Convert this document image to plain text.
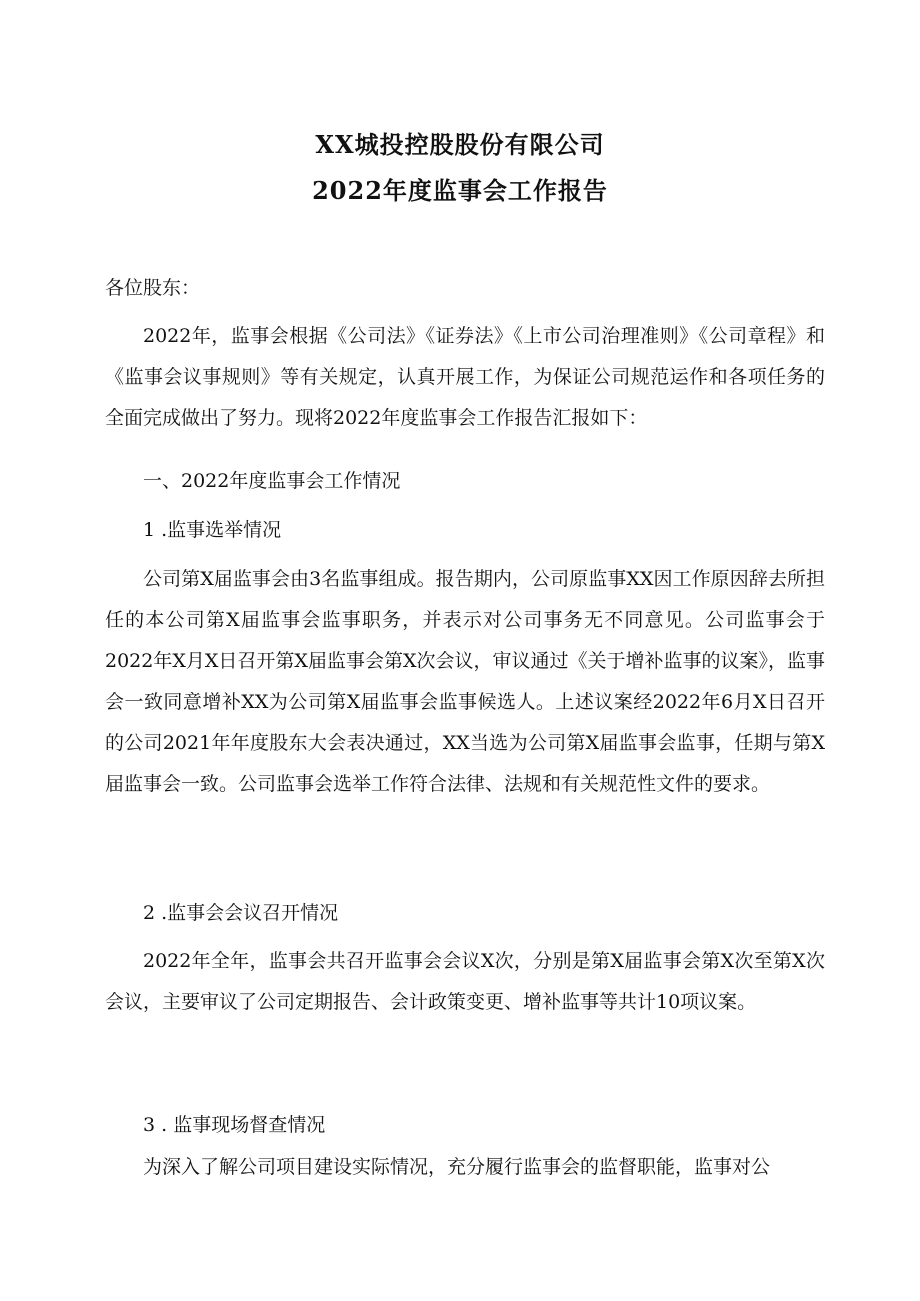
XX城投控股股份有限公司
2022年度监事会工作报告
各位股东：

2022年，监事会根据《公司法》《证券法》《上市公司治理准则》《公司章程》和《监事会议事规则》等有关规定，认真开展工作，为保证公司规范运作和各项任务的全面完成做出了努力。现将2022年度监事会工作报告汇报如下：

一、2022年度监事会工作情况

1 .监事选举情况

公司第X届监事会由3名监事组成。报告期内，公司原监事XX因工作原因辞去所担任的本公司第X届监事会监事职务，并表示对公司事务无不同意见。公司监事会于2022年X月X日召开第X届监事会第X次会议，审议通过《关于增补监事的议案》，监事会一致同意增补XX为公司第X届监事会监事候选人。上述议案经2022年6月X日召开的公司2021年年度股东大会表决通过，XX当选为公司第X届监事会监事，任期与第X届监事会一致。公司监事会选举工作符合法律、法规和有关规范性文件的要求。

2 .监事会会议召开情况

2022年全年，监事会共召开监事会会议X次，分别是第X届监事会第X次至第X次会议，主要审议了公司定期报告、会计政策变更、增补监事等共计10项议案。

3 . 监事现场督查情况

为深入了解公司项目建设实际情况，充分履行监事会的监督职能，监事对公
